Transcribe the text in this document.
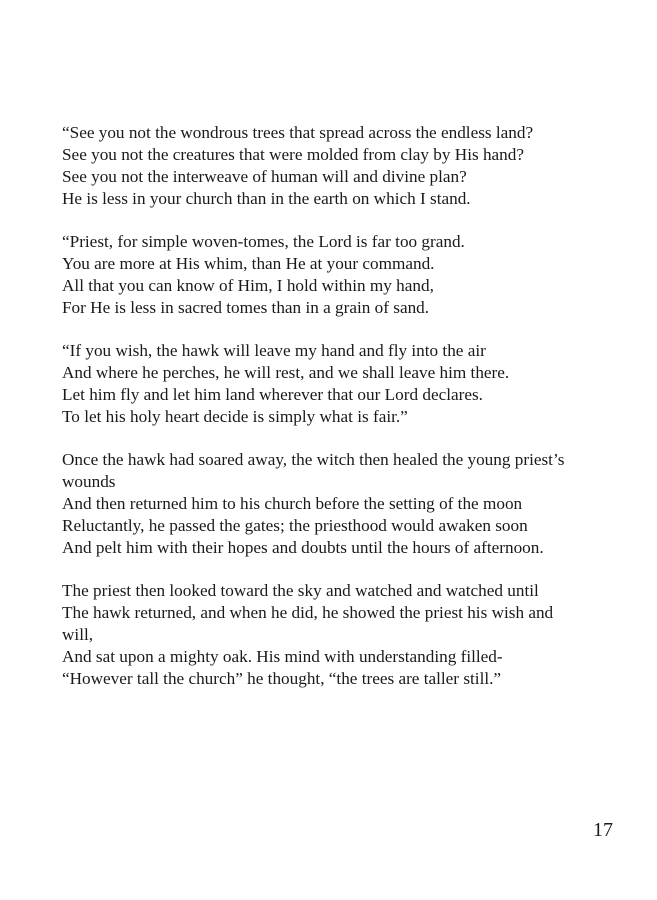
“See you not the wondrous trees that spread across the endless land?
See you not the creatures that were molded from clay by His hand?
See you not the interweave of human will and divine plan?
He is less in your church than in the earth on which I stand.
“Priest, for simple woven-tomes, the Lord is far too grand.
You are more at His whim, than He at your command.
All that you can know of Him, I hold within my hand,
For He is less in sacred tomes than in a grain of sand.
“If you wish, the hawk will leave my hand and fly into the air
And where he perches, he will rest, and we shall leave him there.
Let him fly and let him land wherever that our Lord declares.
To let his holy heart decide is simply what is fair.”
Once the hawk had soared away, the witch then healed the young priest’s
wounds
And then returned him to his church before the setting of the moon
Reluctantly, he passed the gates; the priesthood would awaken soon
And pelt him with their hopes and doubts until the hours of afternoon.
The priest then looked toward the sky and watched and watched until
The hawk returned, and when he did, he showed the priest his wish and
will,
And sat upon a mighty oak. His mind with understanding filled-
“However tall the church” he thought, “the trees are taller still.”
17
